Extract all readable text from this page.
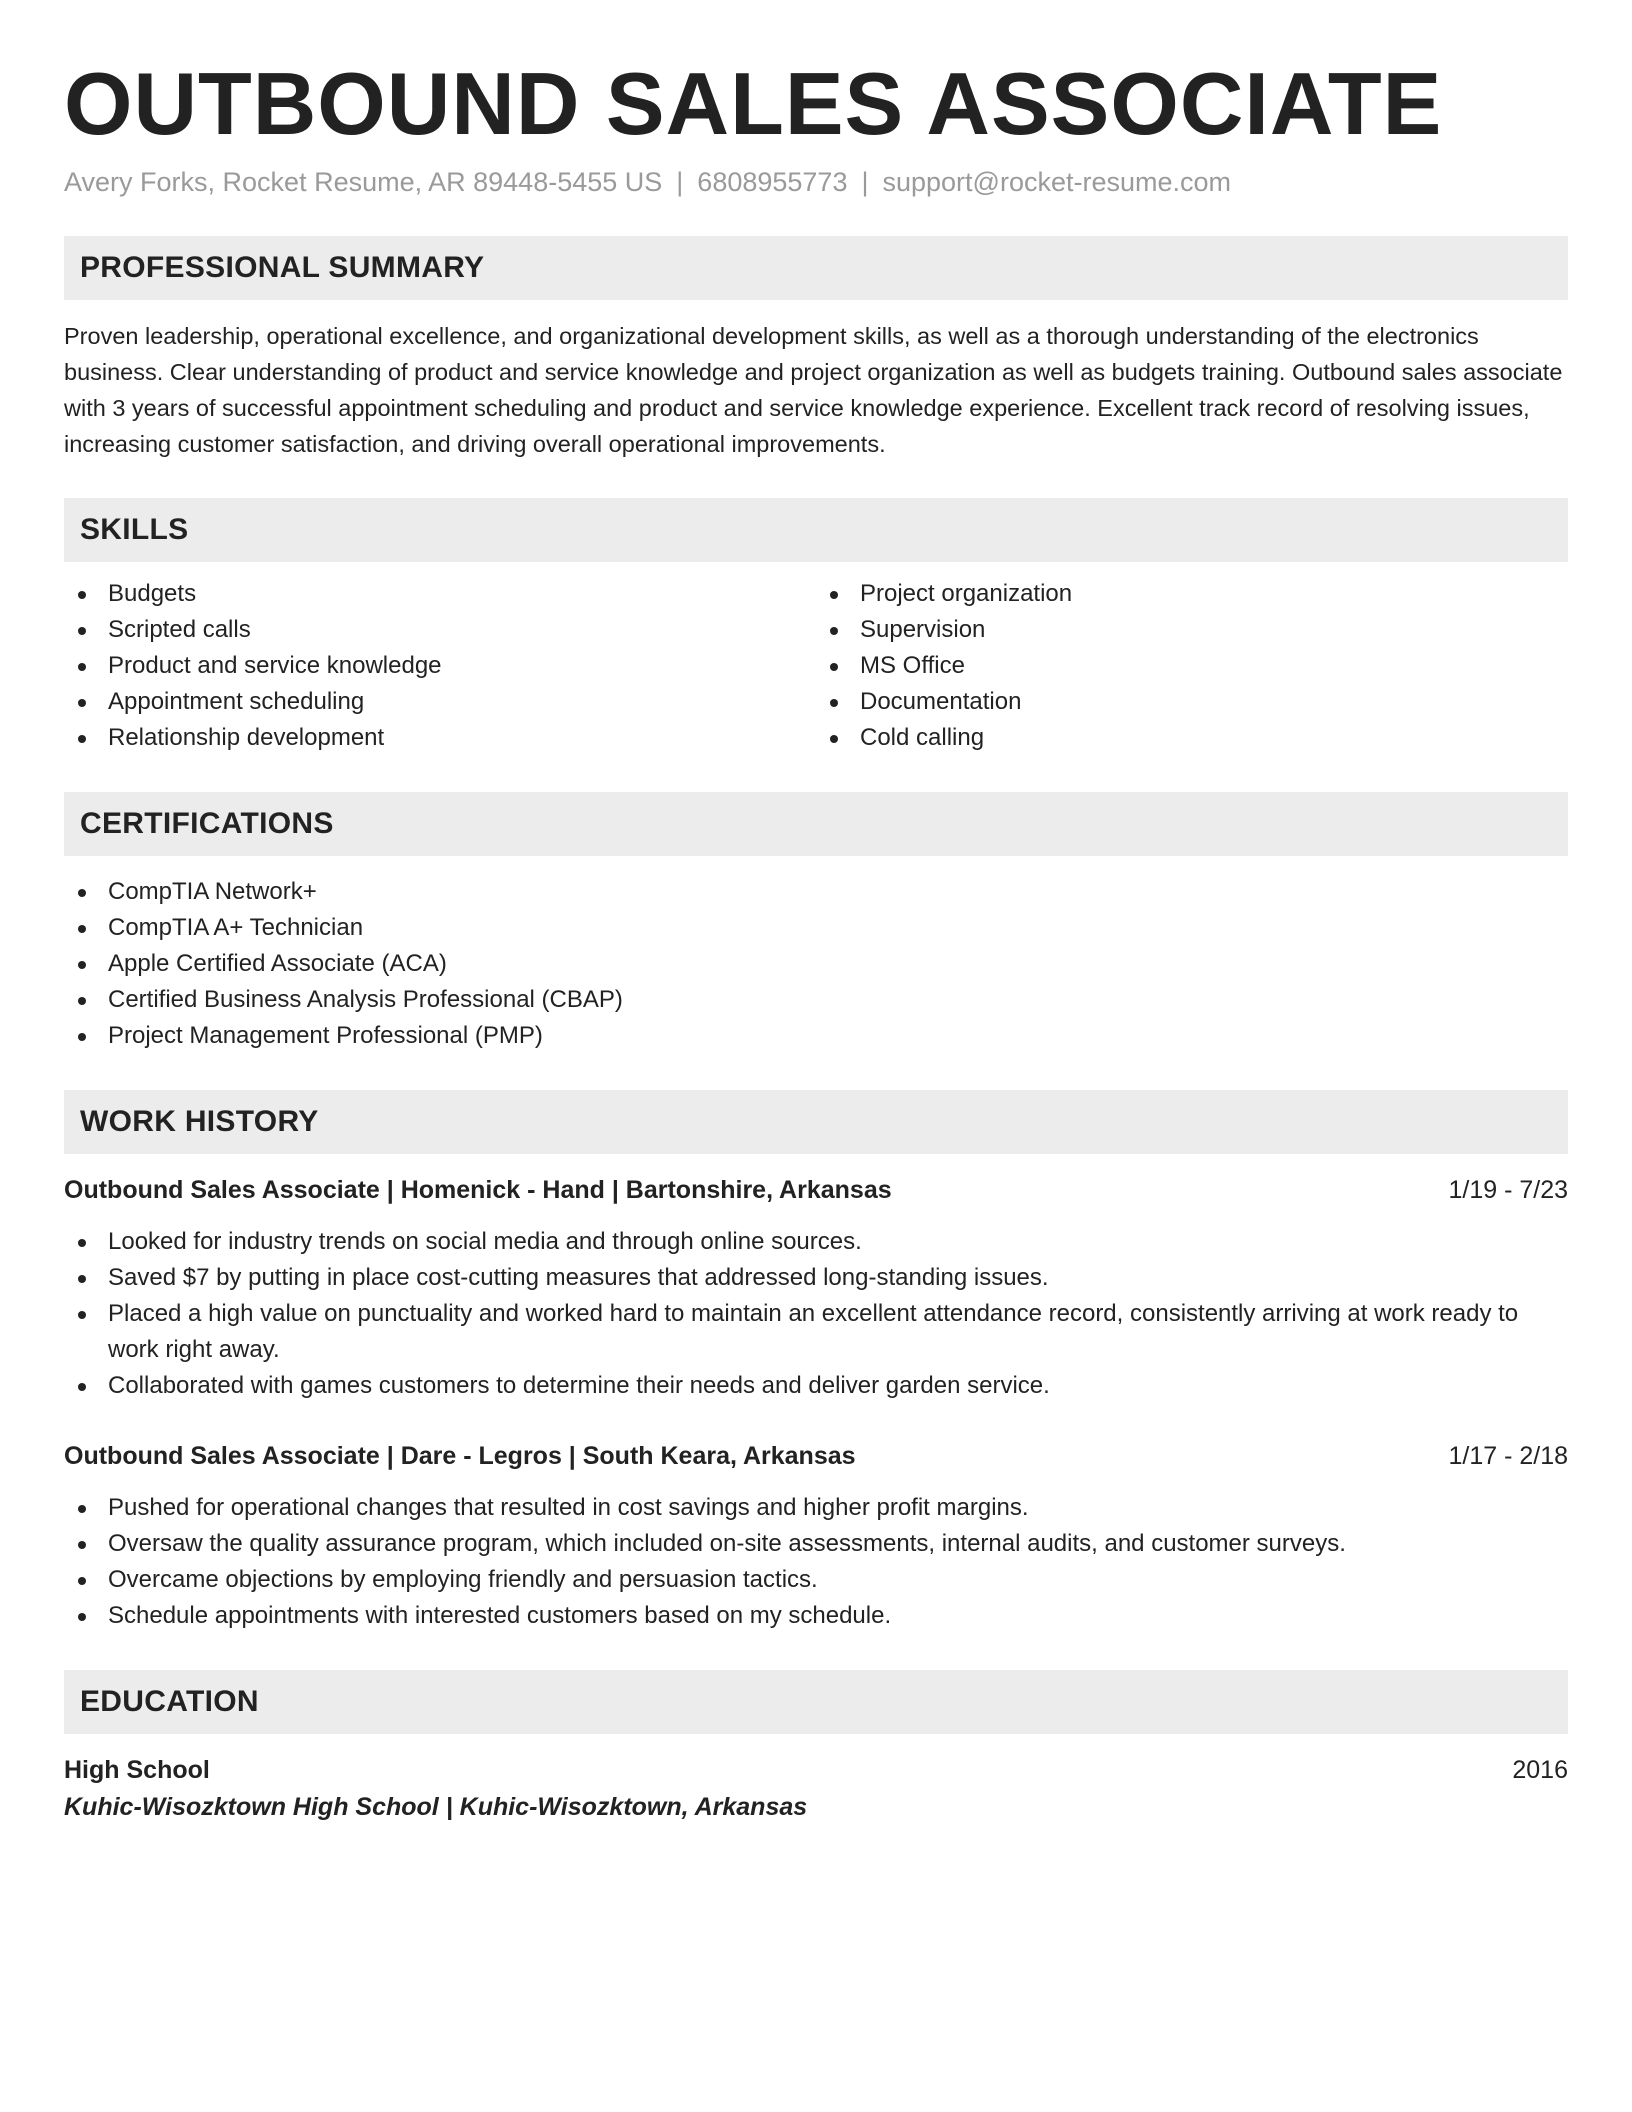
OUTBOUND SALES ASSOCIATE
Avery Forks, Rocket Resume, AR 89448-5455 US | 6808955773 | support@rocket-resume.com
PROFESSIONAL SUMMARY

Proven leadership, operational excellence, and organizational development skills, as well as a thorough understanding of the electronics business. Clear understanding of product and service knowledge and project organization as well as budgets training. Outbound sales associate with 3 years of successful appointment scheduling and product and service knowledge experience. Excellent track record of resolving issues, increasing customer satisfaction, and driving overall operational improvements.

SKILLS
Budgets
Scripted calls
Product and service knowledge
Appointment scheduling
Relationship development
Project organization
Supervision
MS Office
Documentation
Cold calling
CERTIFICATIONS
CompTIA Network+
CompTIA A+ Technician
Apple Certified Associate (ACA)
Certified Business Analysis Professional (CBAP)
Project Management Professional (PMP)
WORK HISTORY
Outbound Sales Associate | Homenick - Hand | Bartonshire, Arkansas	1/19 - 7/23
Looked for industry trends on social media and through online sources.
Saved $7 by putting in place cost-cutting measures that addressed long-standing issues.
Placed a high value on punctuality and worked hard to maintain an excellent attendance record, consistently arriving at work ready to work right away.
Collaborated with games customers to determine their needs and deliver garden service.
Outbound Sales Associate | Dare - Legros | South Keara, Arkansas	1/17 - 2/18
Pushed for operational changes that resulted in cost savings and higher profit margins.
Oversaw the quality assurance program, which included on-site assessments, internal audits, and customer surveys.
Overcame objections by employing friendly and persuasion tactics.
Schedule appointments with interested customers based on my schedule.
EDUCATION
High School	2016
Kuhic-Wisozktown High School | Kuhic-Wisozktown, Arkansas
